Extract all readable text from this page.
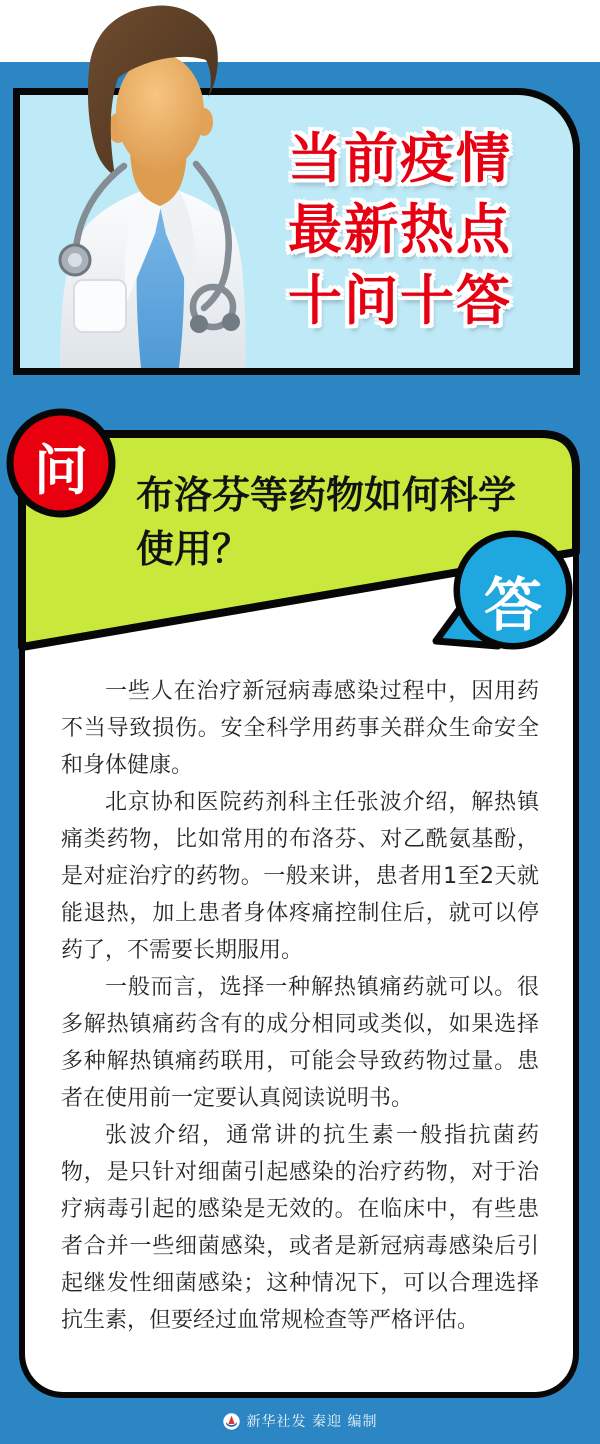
当前疫情
最新热点
十问十答
问 布洛芬等药物如何科学使用？
答

一些人在治疗新冠病毒感染过程中，因用药不当导致损伤。安全科学用药事关群众生命安全和身体健康。

北京协和医院药剂科主任张波介绍，解热镇痛类药物，比如常用的布洛芬、对乙酰氨基酚，是对症治疗的药物。一般来讲，患者用1至2天就能退热，加上患者身体疼痛控制住后，就可以停药了，不需要长期服用。

一般而言，选择一种解热镇痛药就可以。很多解热镇痛药含有的成分相同或类似，如果选择多种解热镇痛药联用，可能会导致药物过量。患者在使用前一定要认真阅读说明书。

张波介绍，通常讲的抗生素一般指抗菌药物，是只针对细菌引起感染的治疗药物，对于治疗病毒引起的感染是无效的。在临床中，有些患者合并一些细菌感染，或者是新冠病毒感染后引起继发性细菌感染；这种情况下，可以合理选择抗生素，但要经过血常规检查等严格评估。

新华社发 秦迎 编制
